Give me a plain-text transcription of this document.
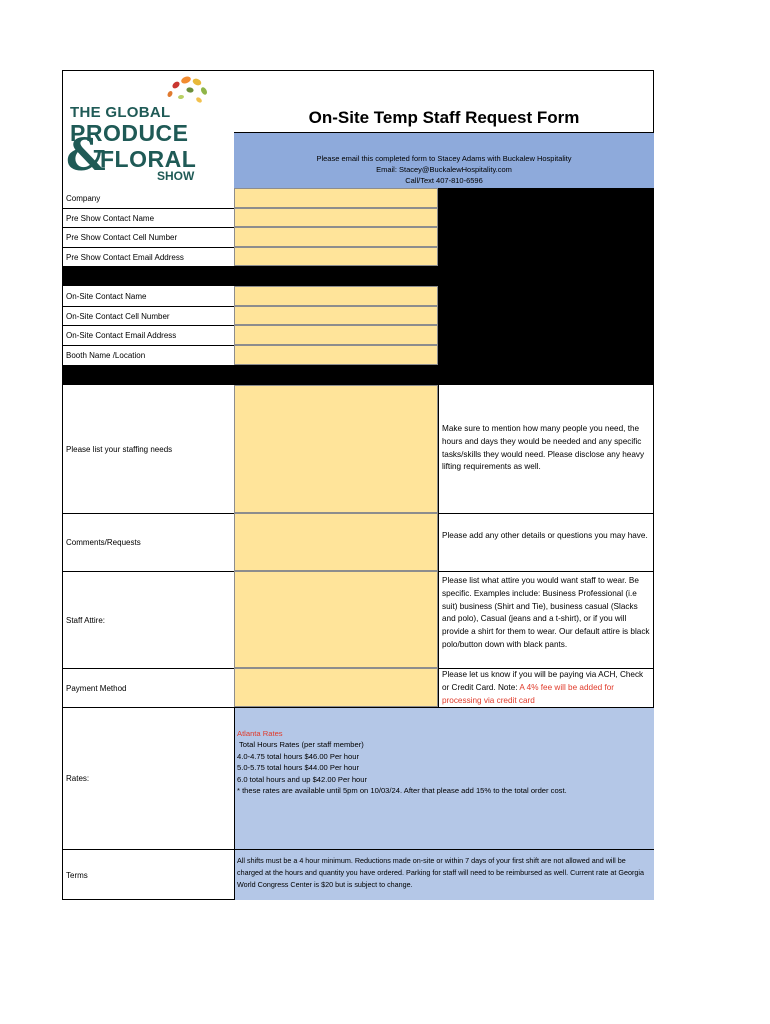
THE GLOBAL
PRODUCE
&
FLORAL
SHOW
On-Site Temp Staff Request Form
Please email this completed form to Stacey Adams with Buckalew Hospitality
Email: Stacey@BuckalewHospitality.com
Call/Text 407-810-6596
Company
Pre Show Contact Name
Pre Show Contact Cell Number
Pre Show Contact Email Address
On-Site Contact Name
On-Site Contact Cell Number
On-Site Contact Email Address
Booth Name /Location
Please list your staffing needs
Make sure to mention how many people you need, the hours and days they would be needed and any specific tasks/skills they would need. Please disclose any heavy lifting requirements as well.
Comments/Requests
Please add any other details or questions you may have.
Staff Attire:
Please list what attire you would want staff to wear. Be specific. Examples include: Business Professional (i.e suit) business (Shirt and Tie), business casual (Slacks and polo), Casual (jeans and a t-shirt), or if you will provide a shirt for them to wear. Our default attire is black polo/button down with black pants.
Payment Method
Please let us know if you will be paying via ACH, Check or Credit Card. Note: A 4% fee will be added for processing via credit card
Rates:
Atlanta Rates
Total Hours Rates (per staff member)
4.0-4.75 total hours $46.00 Per hour
5.0-5.75 total hours $44.00 Per hour
6.0 total hours and up $42.00 Per hour
* these rates are available until 5pm on 10/03/24. After that please add 15% to the total order cost.
Terms
All shifts must be a 4 hour minimum. Reductions made on-site or within 7 days of your first shift are not allowed and will be charged at the hours and quantity you have ordered. Parking for staff will need to be reimbursed as well. Current rate at Georgia World Congress Center is $20 but is subject to change.
